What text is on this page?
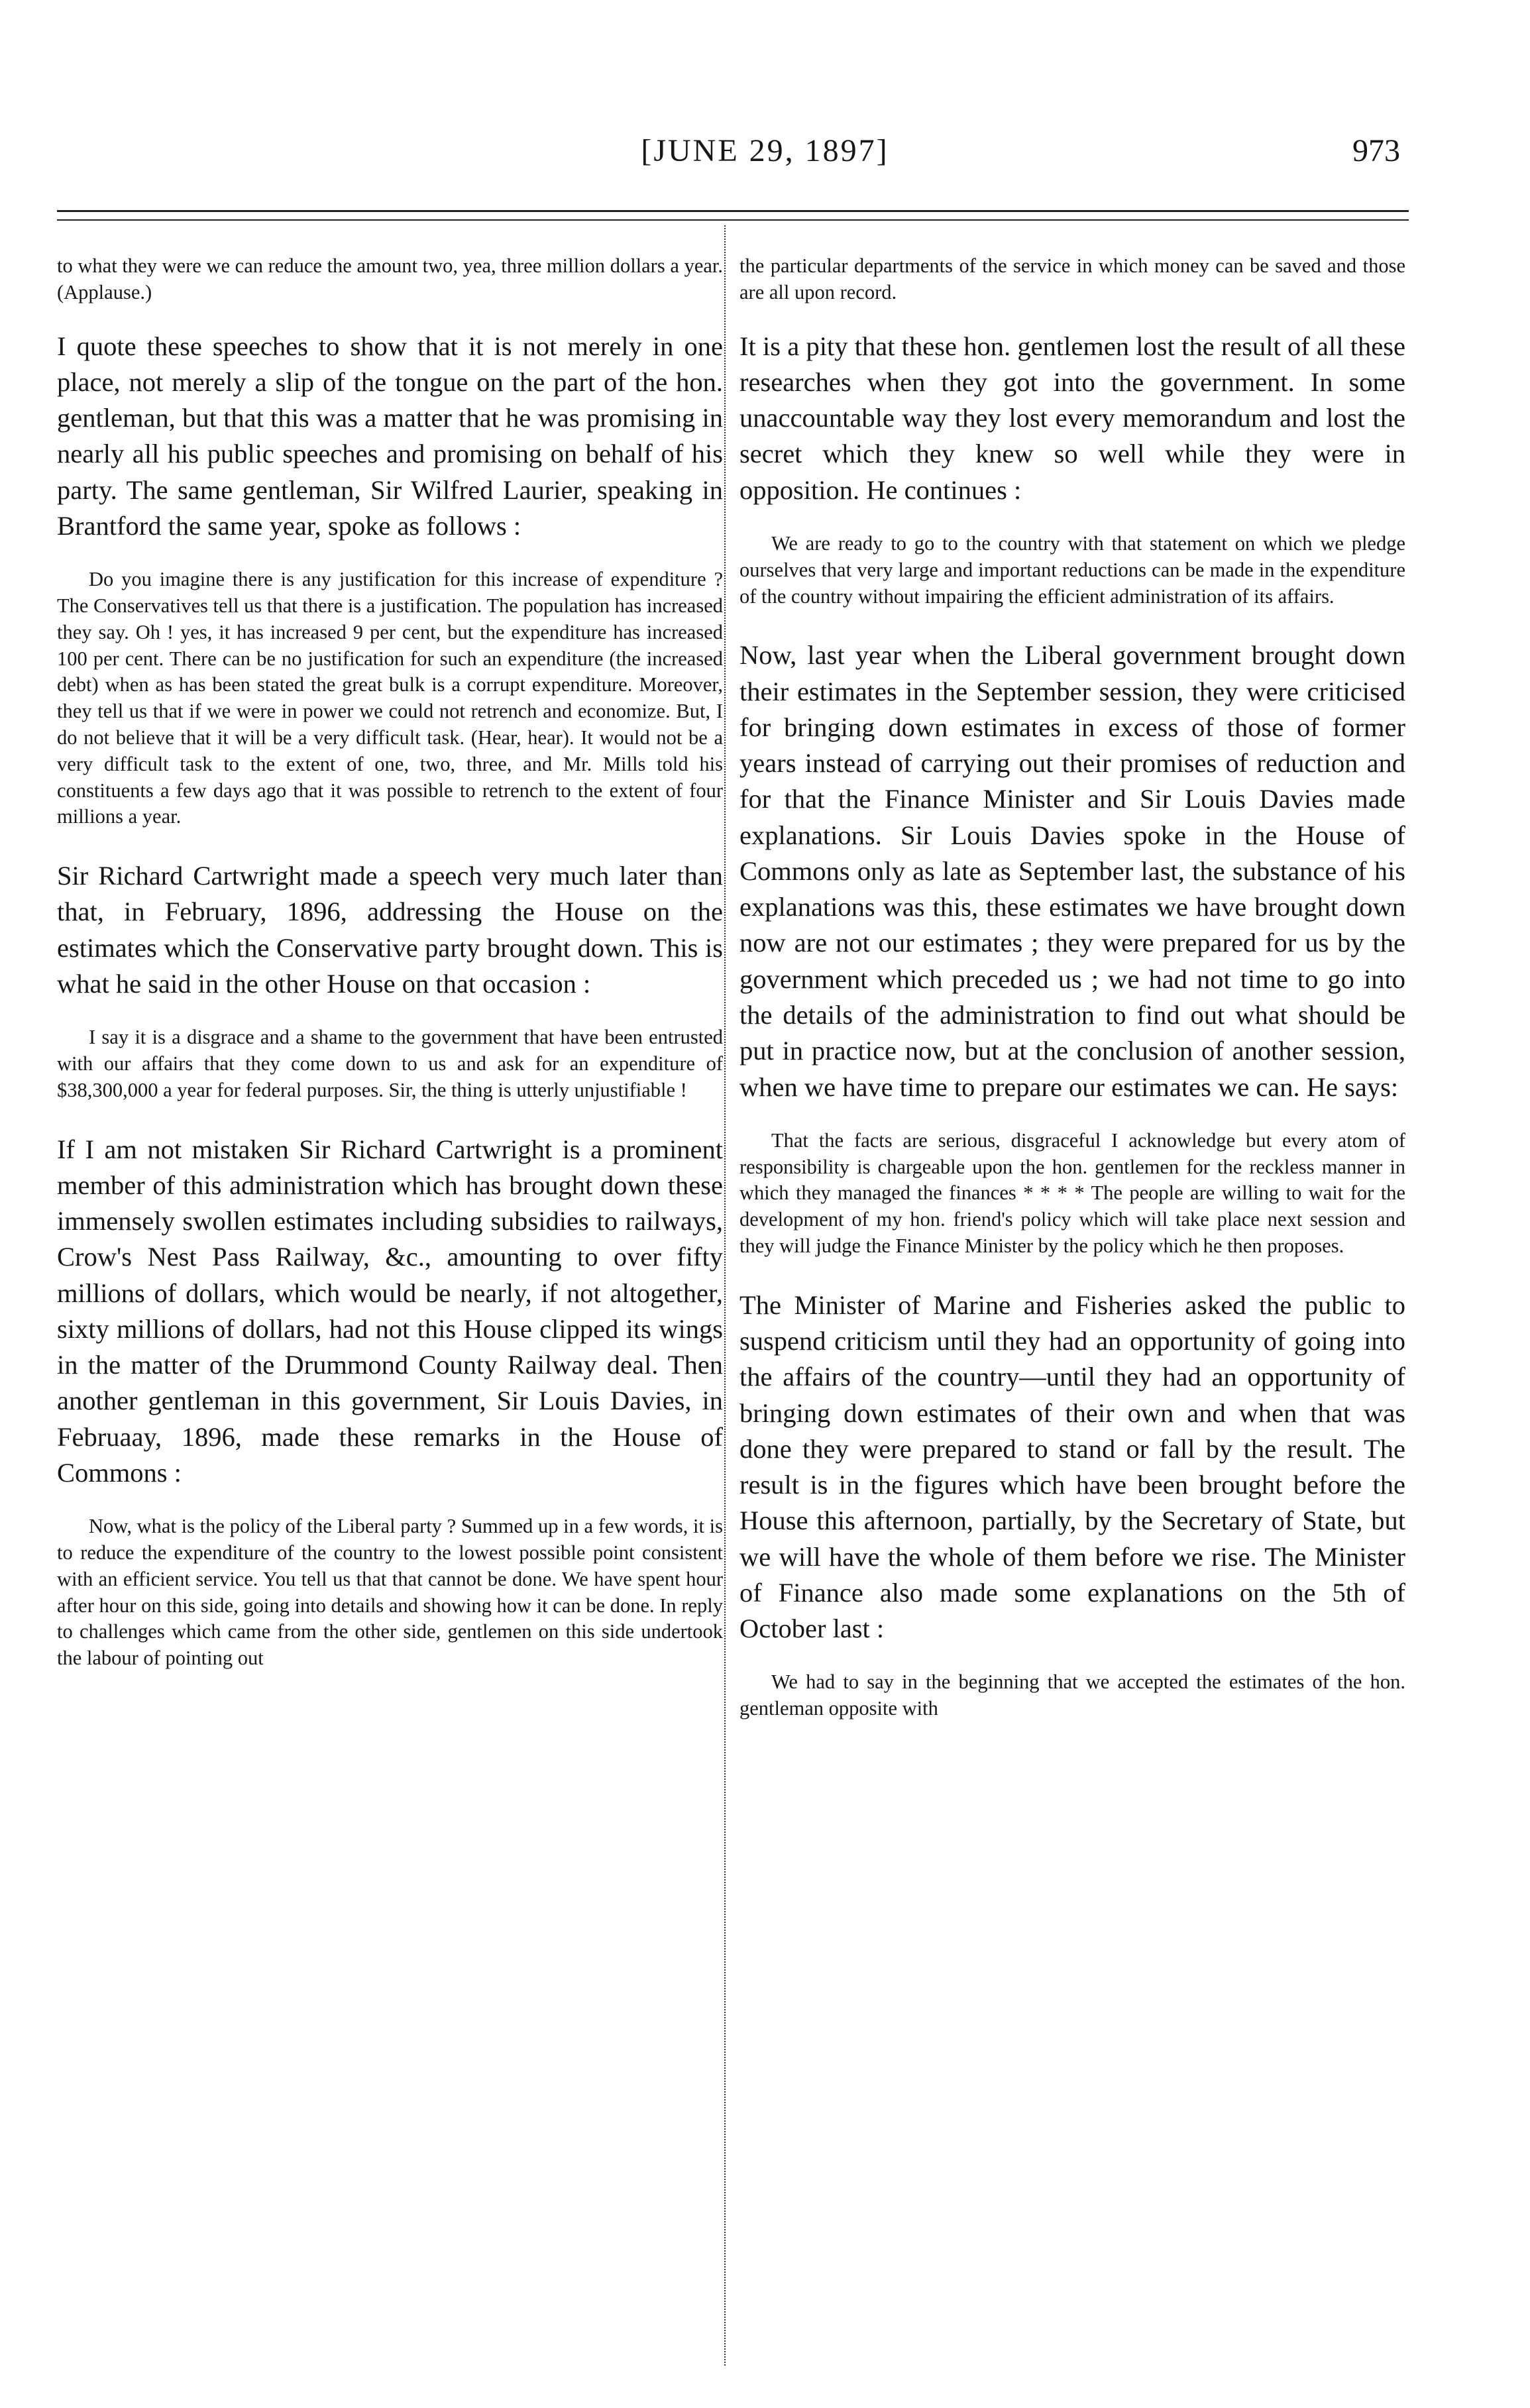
[JUNE 29, 1897]	973

to what they were we can reduce the amount two, yea, three million dollars a year. (Applause.)

I quote these speeches to show that it is not merely in one place, not merely a slip of the tongue on the part of the hon. gentleman, but that this was a matter that he was promising in nearly all his public speeches and promising on behalf of his party. The same gentleman, Sir Wilfred Laurier, speaking in Brantford the same year, spoke as follows :

Do you imagine there is any justification for this increase of expenditure ? The Conservatives tell us that there is a justification. The population has increased they say. Oh ! yes, it has increased 9 per cent, but the expenditure has increased 100 per cent. There can be no justification for such an expenditure (the increased debt) when as has been stated the great bulk is a corrupt expenditure. Moreover, they tell us that if we were in power we could not retrench and economize. But, I do not believe that it will be a very difficult task. (Hear, hear). It would not be a very difficult task to the extent of one, two, three, and Mr. Mills told his constituents a few days ago that it was possible to retrench to the extent of four millions a year.

Sir Richard Cartwright made a speech very much later than that, in February, 1896, addressing the House on the estimates which the Conservative party brought down. This is what he said in the other House on that occasion :

I say it is a disgrace and a shame to the government that have been entrusted with our affairs that they come down to us and ask for an expenditure of $38,300,000 a year for federal purposes. Sir, the thing is utterly unjustifiable !

If I am not mistaken Sir Richard Cartwright is a prominent member of this administration which has brought down these immensely swollen estimates including subsidies to railways, Crow's Nest Pass Railway, &c., amounting to over fifty millions of dollars, which would be nearly, if not altogether, sixty millions of dollars, had not this House clipped its wings in the matter of the Drummond County Railway deal. Then another gentleman in this government, Sir Louis Davies, in Februaay, 1896, made these remarks in the House of Commons :

Now, what is the policy of the Liberal party ? Summed up in a few words, it is to reduce the expenditure of the country to the lowest possible point consistent with an efficient service. You tell us that that cannot be done. We have spent hour after hour on this side, going into details and showing how it can be done. In reply to challenges which came from the other side, gentlemen on this side undertook the labour of pointing out

the particular departments of the service in which money can be saved and those are all upon record.

It is a pity that these hon. gentlemen lost the result of all these researches when they got into the government. In some unaccountable way they lost every memorandum and lost the secret which they knew so well while they were in opposition. He continues :

We are ready to go to the country with that statement on which we pledge ourselves that very large and important reductions can be made in the expenditure of the country without impairing the efficient administration of its affairs.

Now, last year when the Liberal government brought down their estimates in the September session, they were criticised for bringing down estimates in excess of those of former years instead of carrying out their promises of reduction and for that the Finance Minister and Sir Louis Davies made explanations. Sir Louis Davies spoke in the House of Commons only as late as September last, the substance of his explanations was this, these estimates we have brought down now are not our estimates ; they were prepared for us by the government which preceded us ; we had not time to go into the details of the administration to find out what should be put in practice now, but at the conclusion of another session, when we have time to prepare our estimates we can. He says:

That the facts are serious, disgraceful I acknowledge but every atom of responsibility is chargeable upon the hon. gentlemen for the reckless manner in which they managed the finances * * * * The people are willing to wait for the development of my hon. friend's policy which will take place next session and they will judge the Finance Minister by the policy which he then proposes.

The Minister of Marine and Fisheries asked the public to suspend criticism until they had an opportunity of going into the affairs of the country—until they had an opportunity of bringing down estimates of their own and when that was done they were prepared to stand or fall by the result. The result is in the figures which have been brought before the House this afternoon, partially, by the Secretary of State, but we will have the whole of them before we rise. The Minister of Finance also made some explanations on the 5th of October last :

We had to say in the beginning that we accepted the estimates of the hon. gentleman opposite with
